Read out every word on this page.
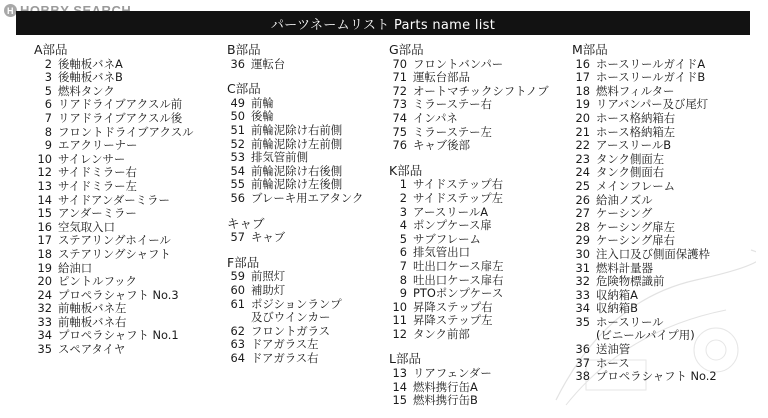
H
パーツネームリスト Parts name list
A部品
2 後軸板バネA
3 後軸板バネB
5 燃料タンク
6 リアドライブアクスル前
7 リアドライブアクスル後
8 フロントドライブアクスル
9 エアクリーナー
10 サイレンサー
12 サイドミラー右
13 サイドミラー左
14 サイドアンダーミラー
15 アンダーミラー
16 空気取入口
17 ステアリングホイール
18 ステアリングシャフト
19 給油口
20 ピントルフック
24 プロペラシャフト No.3
32 前軸板バネ左
33 前軸板バネ右
34 プロペラシャフト No.1
35 スペアタイヤ
B部品
36 運転台
C部品
49 前輪
50 後輪
51 前輪泥除け右前側
52 前輪泥除け左前側
53 排気管前側
54 前輪泥除け右後側
55 前輪泥除け左後側
56 ブレーキ用エアタンク
キャブ
57 キャブ
F部品
59 前照灯
60 補助灯
61 ポジションランプ
及びウインカー
62 フロントガラス
63 ドアガラス左
64 ドアガラス右
G部品
70 フロントバンパー
71 運転台部品
72 オートマチックシフトノブ
73 ミラーステー右
74 インパネ
75 ミラーステー左
76 キャブ後部
K部品
1 サイドステップ右
2 サイドステップ左
3 アースリールA
4 ポンプケース扉
5 サブフレーム
6 排気管出口
7 吐出口ケース扉左
8 吐出口ケース扉右
9 PTOポンプケース
10 昇降ステップ右
11 昇降ステップ左
12 タンク前部
L部品
13 リアフェンダー
14 燃料携行缶A
15 燃料携行缶B
M部品
16 ホースリールガイドA
17 ホースリールガイドB
18 燃料フィルター
19 リアバンパー及び尾灯
20 ホース格納箱右
21 ホース格納箱左
22 アースリールB
23 タンク側面左
24 タンク側面右
25 メインフレーム
26 給油ノズル
27 ケーシング
28 ケーシング扉左
29 ケーシング扉右
30 注入口及び側面保護枠
31 燃料計量器
32 危険物標識前
33 収納箱A
34 収納箱B
35 ホースリール
(ビニールパイプ用)
36 送油管
37 ホース
38 プロペラシャフト No.2
